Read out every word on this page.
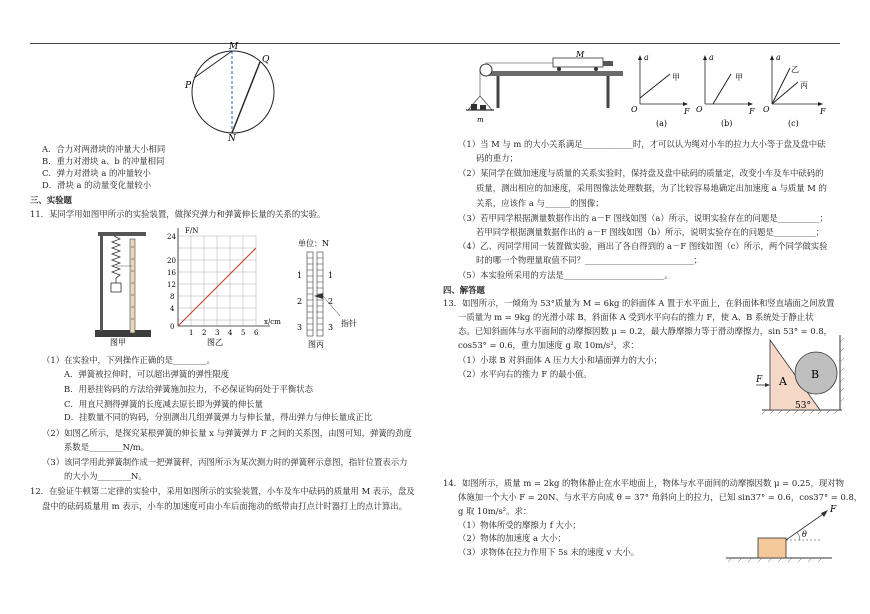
M
Q
P
N
A．合力对两滑块的冲量大小相同
B．重力对滑块 a、b 的冲量相同
C．弹力对滑块 a 的冲量较小
D．滑块 a 的动量变化量较小
三、实验题
11．某同学用如图甲所示的实验装置，做探究弹力和弹簧伸长量的关系的实验。
图甲
F/N
x/cm
24
20
16
12
8
4
0
1 2 3 4 5 6
图乙
单位：N
1
2
3
1
2
3 指针
图丙
（1）在实验中，下列操作正确的是________。
A．弹簧被拉伸时，可以超出弹簧的弹性限度
B．用悬挂钩码的方法给弹簧施加拉力，不必保证钩码处于平衡状态
C．用直尺测得弹簧的长度减去原长即为弹簧的伸长量
D．挂数量不同的钩码，分别测出几组弹簧弹力与伸长量，得出弹力与伸长量成正比
（2）如图乙所示，是探究某根弹簧的伸长量 x 与弹簧弹力 F 之间的关系图，由图可知，弹簧的劲度
系数是________N/m。
（3）该同学用此弹簧制作成一把弹簧秤，丙图所示为某次测力时的弹簧秤示意图，指针位置表示力
的大小为________N。
12．在验证牛顿第二定律的实验中，采用如图所示的实验装置，小车及车中砝码的质量用 M 表示，盘及
盘中的砝码质量用 m 表示，小车的加速度可由小车后面拖动的纸带由打点计时器打上的点计算出。
M
m
a
F
O
甲
(a)
a
F
O
甲
(b)
a
F
O
乙
丙
(c)
（1）当 M 与 m 的大小关系满足____________时，才可以认为绳对小车的拉力大小等于盘及盘中砝
码的重力；
（2）某同学在做加速度与质量的关系实验时，保持盘及盘中砝码的质量定，改变小车及车中砝码的
质量，测出相应的加速度，采用图像法处理数据，为了比较容易地确定出加速度 a 与质量 M 的
关系，应该作 a 与______的图像；
（3）若甲同学根据测量数据作出的 a－F 图线如图（a）所示，说明实验存在的问题是__________；
若甲同学根据测量数据作出的 a－F 图线如图（b）所示，说明实验存在的问题是__________；
（4）乙、丙同学用同一装置做实验，画出了各自得到的 a－F 图线如图（c）所示，两个同学做实验
时的哪一个物理量取值不同？__________________________；
（5）本实验所采用的方法是________________________。
四、解答题
13．如图所示，一倾角为 53°质量为 M = 6kg 的斜面体 A 置于水平面上，在斜面体和竖直墙面之间放置
一质量为 m = 9kg 的光滑小球 B，斜面体 A 受到水平向右的推力 F，使 A、B 系统处于静止状
态。已知斜面体与水平面间的动摩擦因数 μ = 0.2，最大静摩擦力等于滑动摩擦力，sin 53° = 0.8，
cos53° = 0.6，重力加速度 g 取 10m/s²，求：
（1）小球 B 对斜面体 A 压力大小和墙面弹力的大小；
（2）水平向右的推力 F 的最小值。
F A
B
53°
14．如图所示，质量 m = 2kg 的物体静止在水平地面上，物体与水平面间的动摩擦因数 μ = 0.25，现对物
体施加一个大小 F = 20N、与水平方向成 θ = 37° 角斜向上的拉力，已知 sin37° = 0.6，cos37° = 0.8，
g 取 10m/s²。求：
（1）物体所受的摩擦力 f 大小；
（2）物体的加速度 a 大小；
（3）求物体在拉力作用下 5s 末的速度 v 大小。
θ
F
